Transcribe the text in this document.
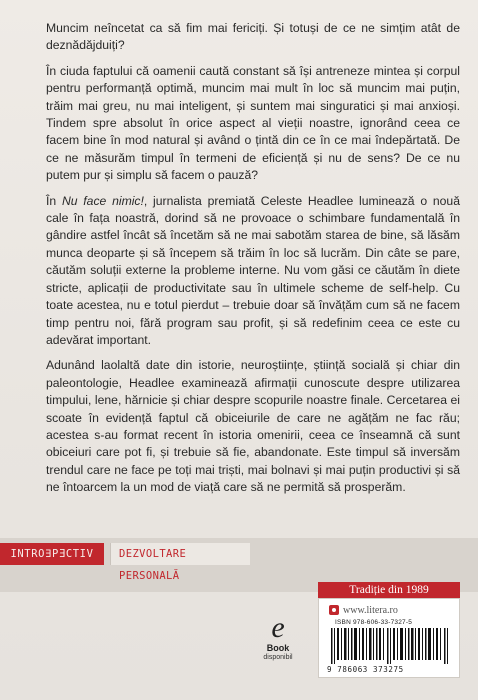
Muncim neîncetat ca să fim mai fericiți. Și totuși de ce ne simțim atât de deznădăjduiți?

În ciuda faptului că oamenii caută constant să își antreneze mintea și corpul pentru performanță optimă, muncim mai mult în loc să muncim mai puțin, trăim mai greu, nu mai inteligent, și suntem mai singuratici și mai anxioși. Tindem spre absolut în orice aspect al vieții noastre, ignorând ceea ce facem bine în mod natural și având o țintă din ce în ce mai îndepărtată. De ce ne măsurăm timpul în termeni de eficiență și nu de sens? De ce nu putem pur și simplu să facem o pauză?

În Nu face nimic!, jurnalista premiată Celeste Headlee luminează o nouă cale în fața noastră, dorind să ne provoace o schimbare fundamentală în gândire astfel încât să încetăm să ne mai sabotăm starea de bine, să lăsăm munca deoparte și să începem să trăim în loc să lucrăm. Din câte se pare, căutăm soluții externe la probleme interne. Nu vom găsi ce căutăm în diete stricte, aplicații de productivitate sau în ultimele scheme de self-help. Cu toate acestea, nu e totul pierdut – trebuie doar să învățăm cum să ne facem timp pentru noi, fără program sau profit, și să redefinim ceea ce este cu adevărat important.

Adunând laolaltă date din istorie, neuroștiințe, știință socială și chiar din paleontologie, Headlee examinează afirmații cunoscute despre utilizarea timpului, lene, hărnicie și chiar despre scopurile noastre finale. Cercetarea ei scoate în evidență faptul că obiceiurile de care ne agățăm ne fac rău; acestea s-au format recent în istoria omenirii, ceea ce înseamnă că sunt obiceiuri care pot fi, și trebuie să fie, abandonate. Este timpul să inversăm trendul care ne face pe toți mai triști, mai bolnavi și mai puțin productivi și să ne întoarcem la un mod de viață care să ne permită să prosperăm.

INTRO∃PƎCTIV	DEZVOLTARE PERSONALĂ
e
Book
disponibil
Tradiție din 1989
www.litera.ro
ISBN 978-606-33-7327-5
9 786063 373275
